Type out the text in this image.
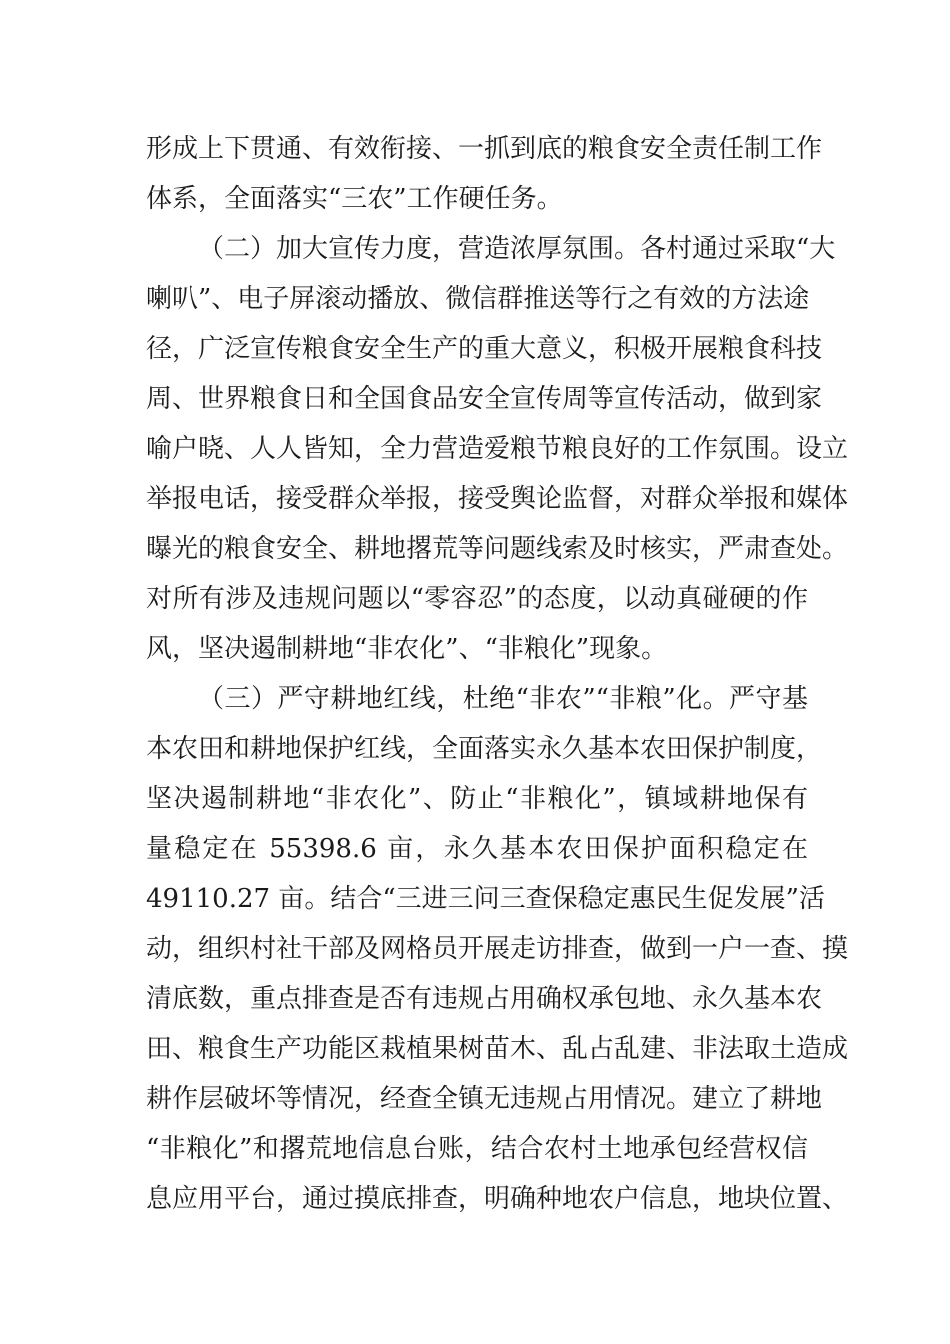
形成上下贯通、有效衔接、一抓到底的粮食安全责任制工作
体系，全面落实“三农”工作硬任务。
（二）加大宣传力度，营造浓厚氛围。各村通过采取“大
喇叭”、电子屏滚动播放、微信群推送等行之有效的方法途
径，广泛宣传粮食安全生产的重大意义，积极开展粮食科技
周、世界粮食日和全国食品安全宣传周等宣传活动，做到家
喻户晓、人人皆知，全力营造爱粮节粮良好的工作氛围。设立
举报电话，接受群众举报，接受舆论监督，对群众举报和媒体
曝光的粮食安全、耕地撂荒等问题线索及时核实，严肃查处。
对所有涉及违规问题以“零容忍”的态度，以动真碰硬的作
风，坚决遏制耕地“非农化”、“非粮化”现象。
（三）严守耕地红线，杜绝“非农”“非粮”化。严守基
本农田和耕地保护红线，全面落实永久基本农田保护制度，
坚决遏制耕地“非农化”、防止“非粮化”，镇域耕地保有
量稳定在 55398.6 亩，永久基本农田保护面积稳定在
49110.27 亩。结合“三进三问三查保稳定惠民生促发展”活
动，组织村社干部及网格员开展走访排查，做到一户一查、摸
清底数，重点排查是否有违规占用确权承包地、永久基本农
田、粮食生产功能区栽植果树苗木、乱占乱建、非法取土造成
耕作层破坏等情况，经查全镇无违规占用情况。建立了耕地
“非粮化”和撂荒地信息台账，结合农村土地承包经营权信
息应用平台，通过摸底排查，明确种地农户信息，地块位置、
